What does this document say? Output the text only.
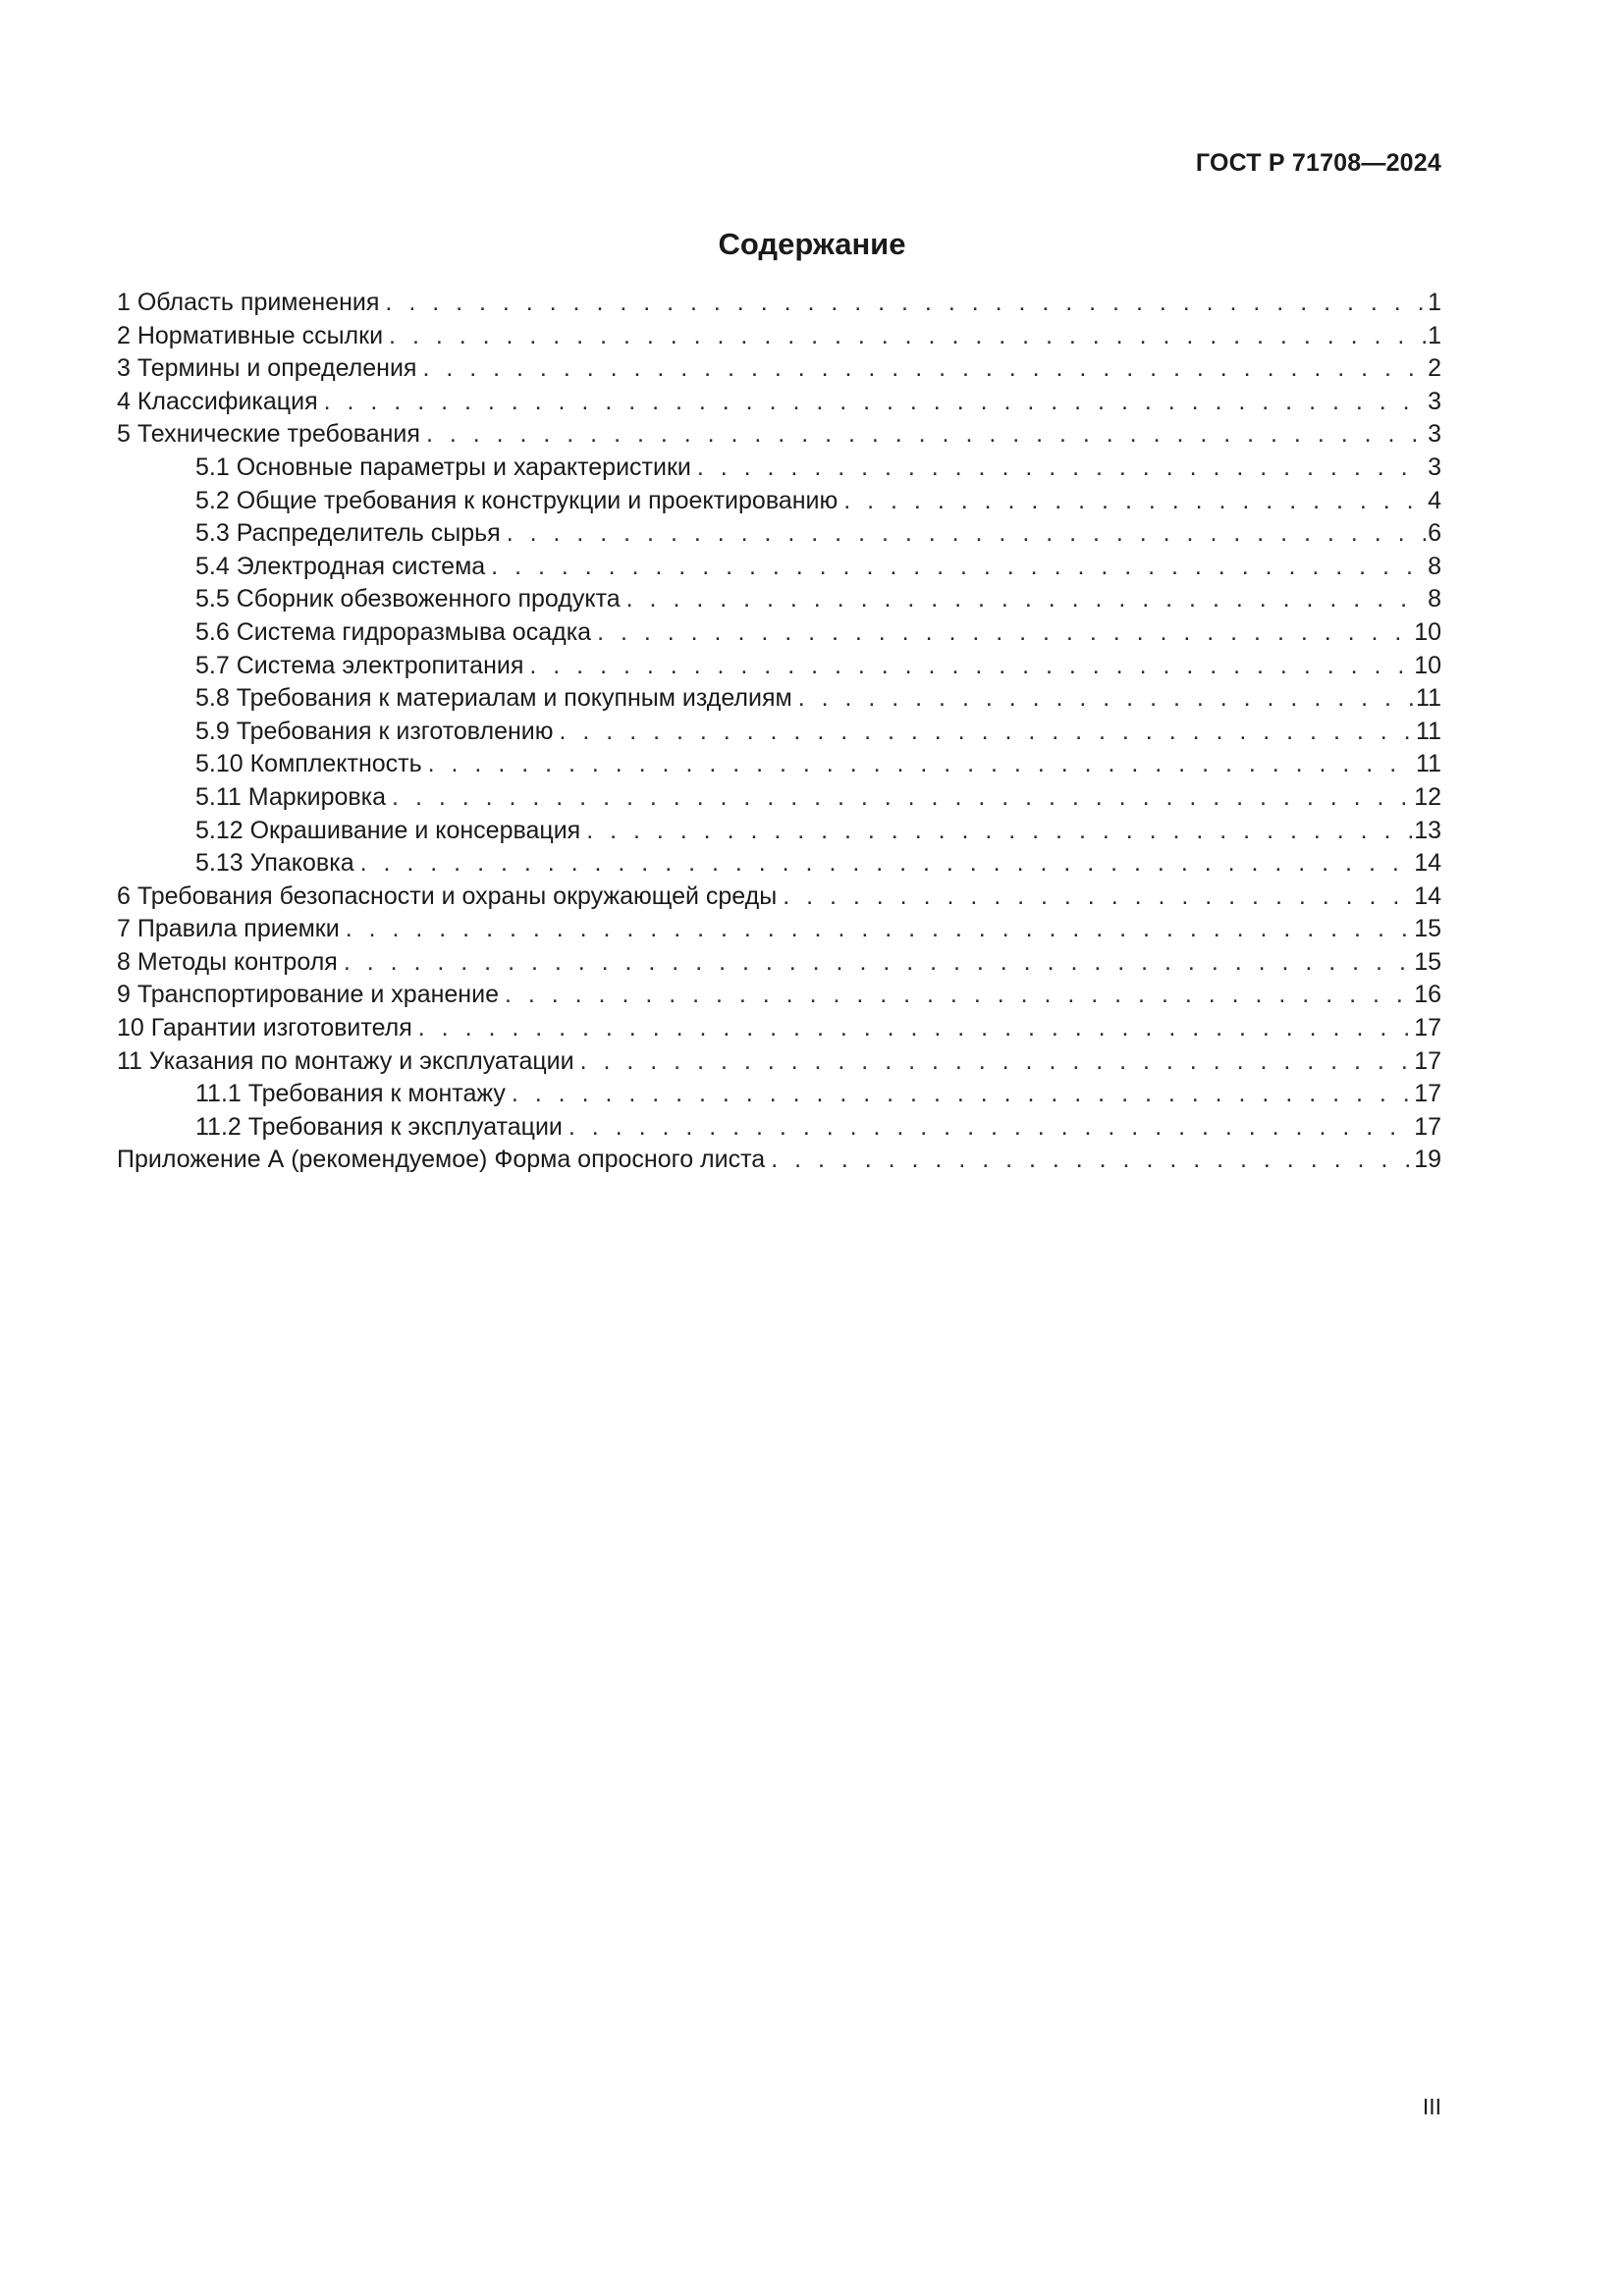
ГОСТ Р 71708—2024
Содержание
1 Область применения . . .	1
2 Нормативные ссылки . . .	1
3 Термины и определения . . .	2
4 Классификация . . .	3
5 Технические требования . . .	3
5.1 Основные параметры и характеристики . . .	3
5.2 Общие требования к конструкции и проектированию . . .	4
5.3 Распределитель сырья . . .	6
5.4 Электродная система . . .	8
5.5 Сборник обезвоженного продукта . . .	8
5.6 Система гидроразмыва осадка . . .	10
5.7 Система электропитания . . .	10
5.8 Требования к материалам и покупным изделиям . . .	11
5.9 Требования к изготовлению . . .	11
5.10 Комплектность . . .	11
5.11 Маркировка . . .	12
5.12 Окрашивание и консервация . . .	13
5.13 Упаковка . . .	14
6 Требования безопасности и охраны окружающей среды . . .	14
7 Правила приемки . . .	15
8 Методы контроля . . .	15
9 Транспортирование и хранение . . .	16
10 Гарантии изготовителя . . .	17
11 Указания по монтажу и эксплуатации . . .	17
11.1 Требования к монтажу . . .	17
11.2 Требования к эксплуатации . . .	17
Приложение А (рекомендуемое) Форма опросного листа . . .	19
III
